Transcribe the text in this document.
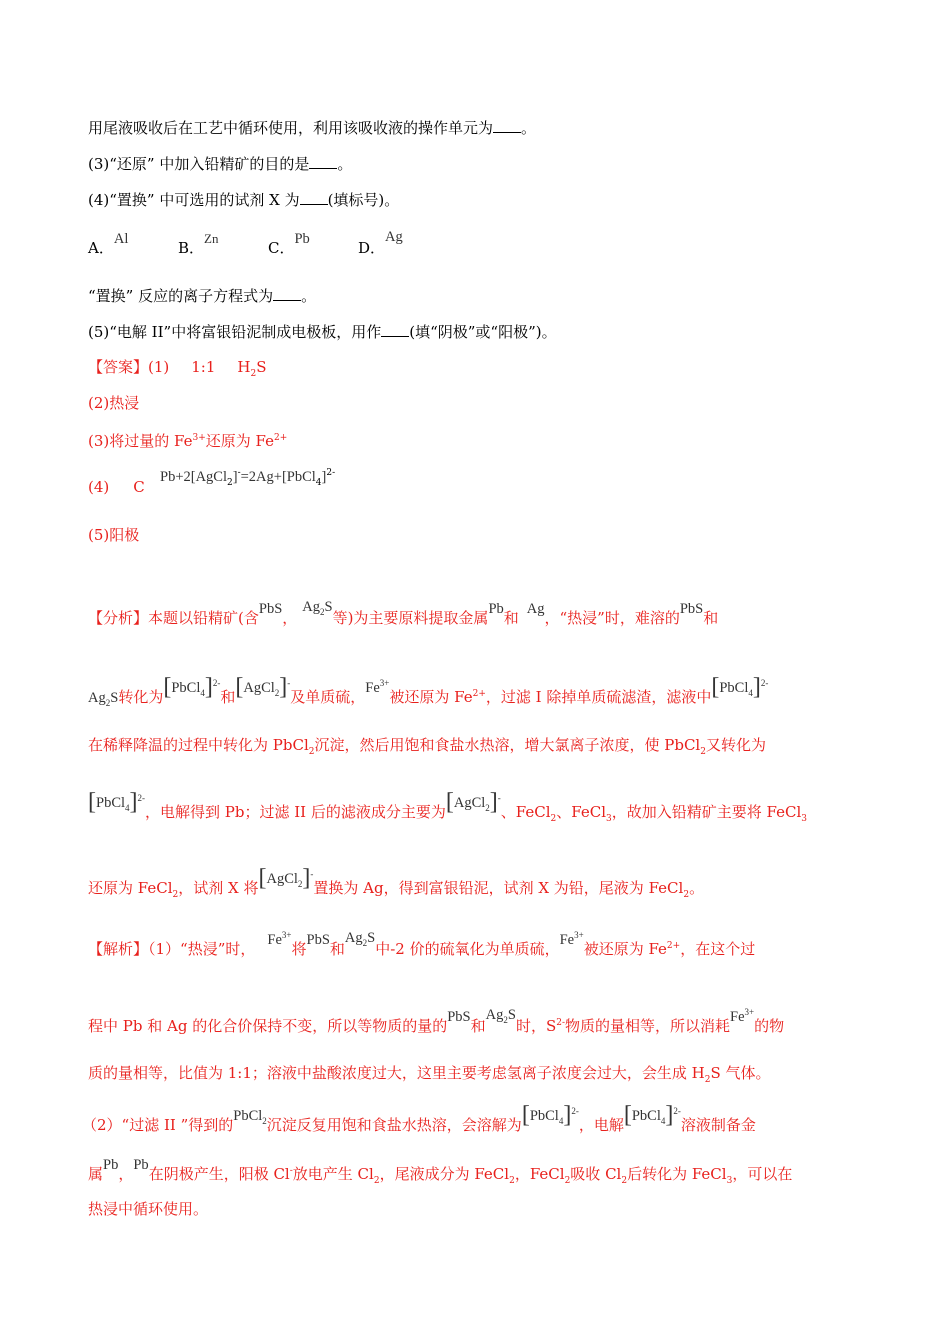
用尾液吸收后在工艺中循环使用，利用该吸收液的操作单元为 。
(3)“还原” 中加入铅精矿的目的是 。
(4)“置换” 中可选用的试剂 X 为 (填标号)。
A．Al	B．ZnC．Pb	D．Ag
“置换” 反应的离子方程式为 。
(5)“电解 II”中将富银铅泥制成电极板，用作 (填“阴极”或“阳极”)。
【答案】(1) 1:1 $H_2S$
(2)热浸
(3)将过量的 $Fe^{3+}$还原为 $Fe^{2+}$
Pb+2[AgCl$_2$]-=2Ag+[PbCl$_4$]$^{2-}$
(4) C
(5)阳极
【分析】本题以铅精矿(含PbS，$Ag_2S$等)为主要原料提取金属Pb和 Ag，“热浸”时，难溶的PbS和
$Ag_2S$转化为[PbCl$_4$]$^{2-}$和[AgCl$_2$]-及单质硫，$Fe^{3+}$被还原为 $Fe^{2+}$，过滤 I 除掉单质硫滤渣，滤液中[PbCl$_4$]$^{2-}$
在稀释降温的过程中转化为 PbCl$_2$沉淀，然后用饱和食盐水热溶，增大氯离子浓度，使 PbCl$_2$又转化为
[PbCl$_4$]$^{2-}$，电解得到 Pb；过滤 II 后的滤液成分主要为[AgCl$_2$]-、FeCl$_2$、FeCl$_3$，故加入铅精矿主要将 FeCl$_3$
还原为 FeCl$_2$，试剂 X 将[AgCl$_2$]-置换为 Ag，得到富银铅泥，试剂 X 为铅，尾液为 FeCl$_2$。
【解析】（1）“热浸”时， $Fe^{3+}$将PbS和$Ag_2S$中-2 价的硫氧化为单质硫，$Fe^{3+}$被还原为 $Fe^{2+}$，在这个过
程中 Pb 和 Ag 的化合价保持不变，所以等物质的量的PbS和$Ag_2S$时，$S^{2-}$物质的量相等，所以消耗$Fe^{3+}$的物
质的量相等，比值为 1:1；溶液中盐酸浓度过大，这里主要考虑氢离子浓度会过大，会生成 $H_2S$ 气体。
（2）“过滤 II ”得到的PbCl$_2$沉淀反复用饱和食盐水热溶，会溶解为[PbCl$_4$]$^{2-}$，电解[PbCl$_4$]$^{2-}$溶液制备金
属Pb，Pb在阴极产生，阳极 Cl-放电产生 $Cl_2$，尾液成分为 FeCl$_2$，FeCl$_2$吸收 $Cl_2$后转化为 FeCl$_3$，可以在
热浸中循环使用。
